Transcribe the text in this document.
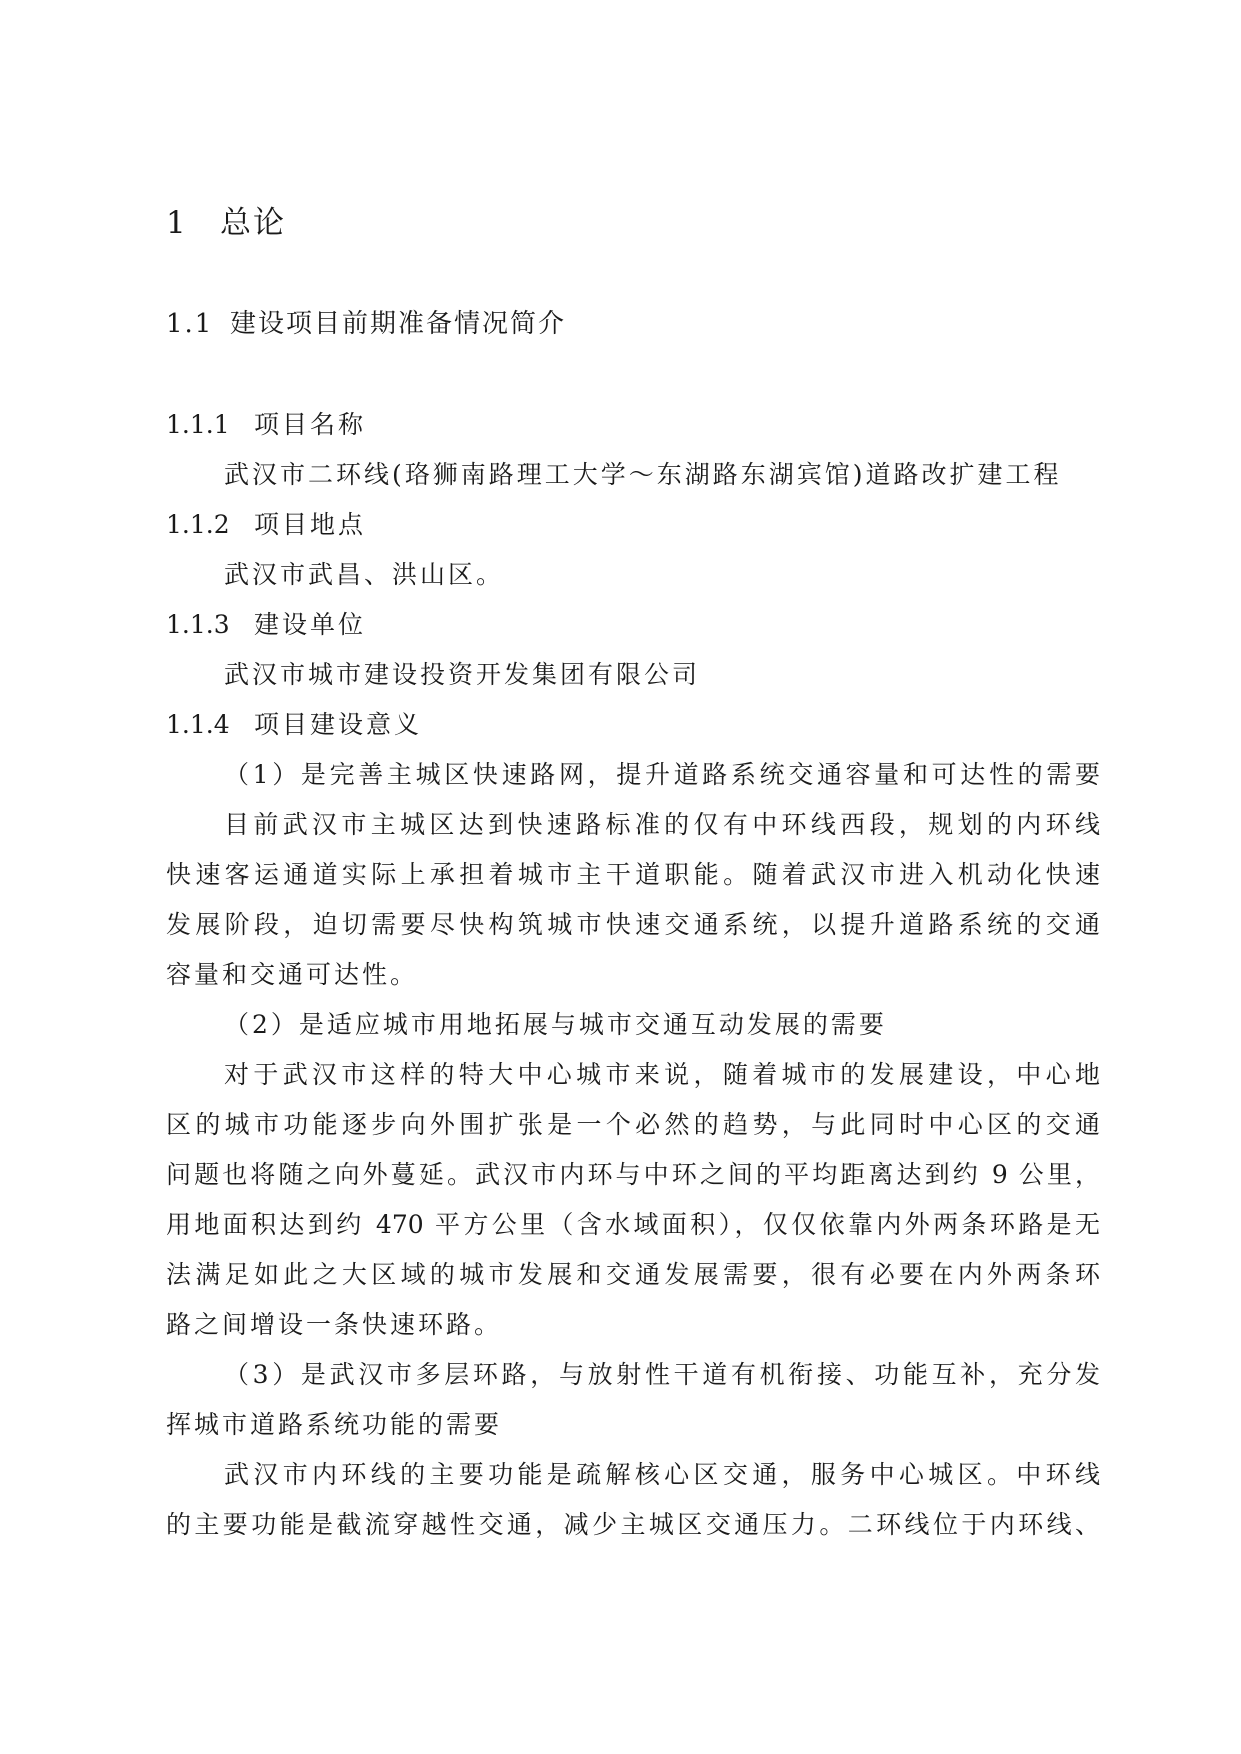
1 总论
1.1 建设项目前期准备情况简介
1.1.1 项目名称
武汉市二环线(珞狮南路理工大学～东湖路东湖宾馆)道路改扩建工程
1.1.2 项目地点
武汉市武昌、洪山区。
1.1.3 建设单位
武汉市城市建设投资开发集团有限公司
1.1.4 项目建设意义
（1）是完善主城区快速路网，提升道路系统交通容量和可达性的需要
目前武汉市主城区达到快速路标准的仅有中环线西段，规划的内环线
快速客运通道实际上承担着城市主干道职能。随着武汉市进入机动化快速
发展阶段，迫切需要尽快构筑城市快速交通系统，以提升道路系统的交通
容量和交通可达性。
（2）是适应城市用地拓展与城市交通互动发展的需要
对于武汉市这样的特大中心城市来说，随着城市的发展建设，中心地
区的城市功能逐步向外围扩张是一个必然的趋势，与此同时中心区的交通
问题也将随之向外蔓延。武汉市内环与中环之间的平均距离达到约 9 公里，
用地面积达到约 470 平方公里（含水域面积），仅仅依靠内外两条环路是无
法满足如此之大区域的城市发展和交通发展需要，很有必要在内外两条环
路之间增设一条快速环路。
（3）是武汉市多层环路，与放射性干道有机衔接、功能互补，充分发
挥城市道路系统功能的需要
武汉市内环线的主要功能是疏解核心区交通，服务中心城区。中环线
的主要功能是截流穿越性交通，减少主城区交通压力。二环线位于内环线、
